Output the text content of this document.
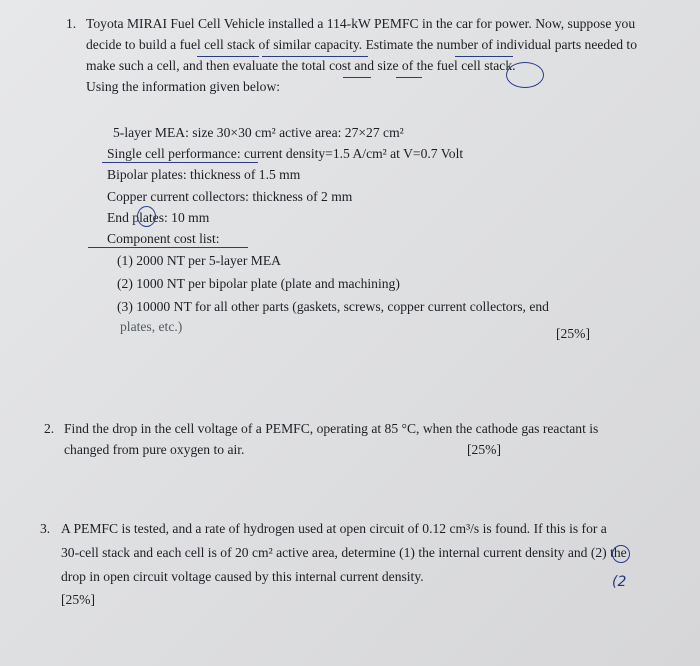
1. Toyota MIRAI Fuel Cell Vehicle installed a 114-kW PEMFC in the car for power. Now, suppose you
decide to build a fuel cell stack of similar capacity. Estimate the number of individual parts needed to
make such a cell, and then evaluate the total cost and size of the fuel cell stack.
Using the information given below:
5-layer MEA: size 30×30 cm² active area: 27×27 cm²
Single cell performance: current density=1.5 A/cm² at V=0.7 Volt
Bipolar plates: thickness of 1.5 mm
Copper current collectors: thickness of 2 mm
End plates: 10 mm
Component cost list:
(1) 2000 NT per 5-layer MEA
(2) 1000 NT per bipolar plate (plate and machining)
(3) 10000 NT for all other parts (gaskets, screws, copper current collectors, end
plates, etc.)	[25%]
2. Find the drop in the cell voltage of a PEMFC, operating at 85 °C, when the cathode gas reactant is
changed from pure oxygen to air.	[25%]
3. A PEMFC is tested, and a rate of hydrogen used at open circuit of 0.12 cm³/s is found. If this is for a
30-cell stack and each cell is of 20 cm² active area, determine (1) the internal current density and (2) the
drop in open circuit voltage caused by this internal current density.
[25%]
(2
